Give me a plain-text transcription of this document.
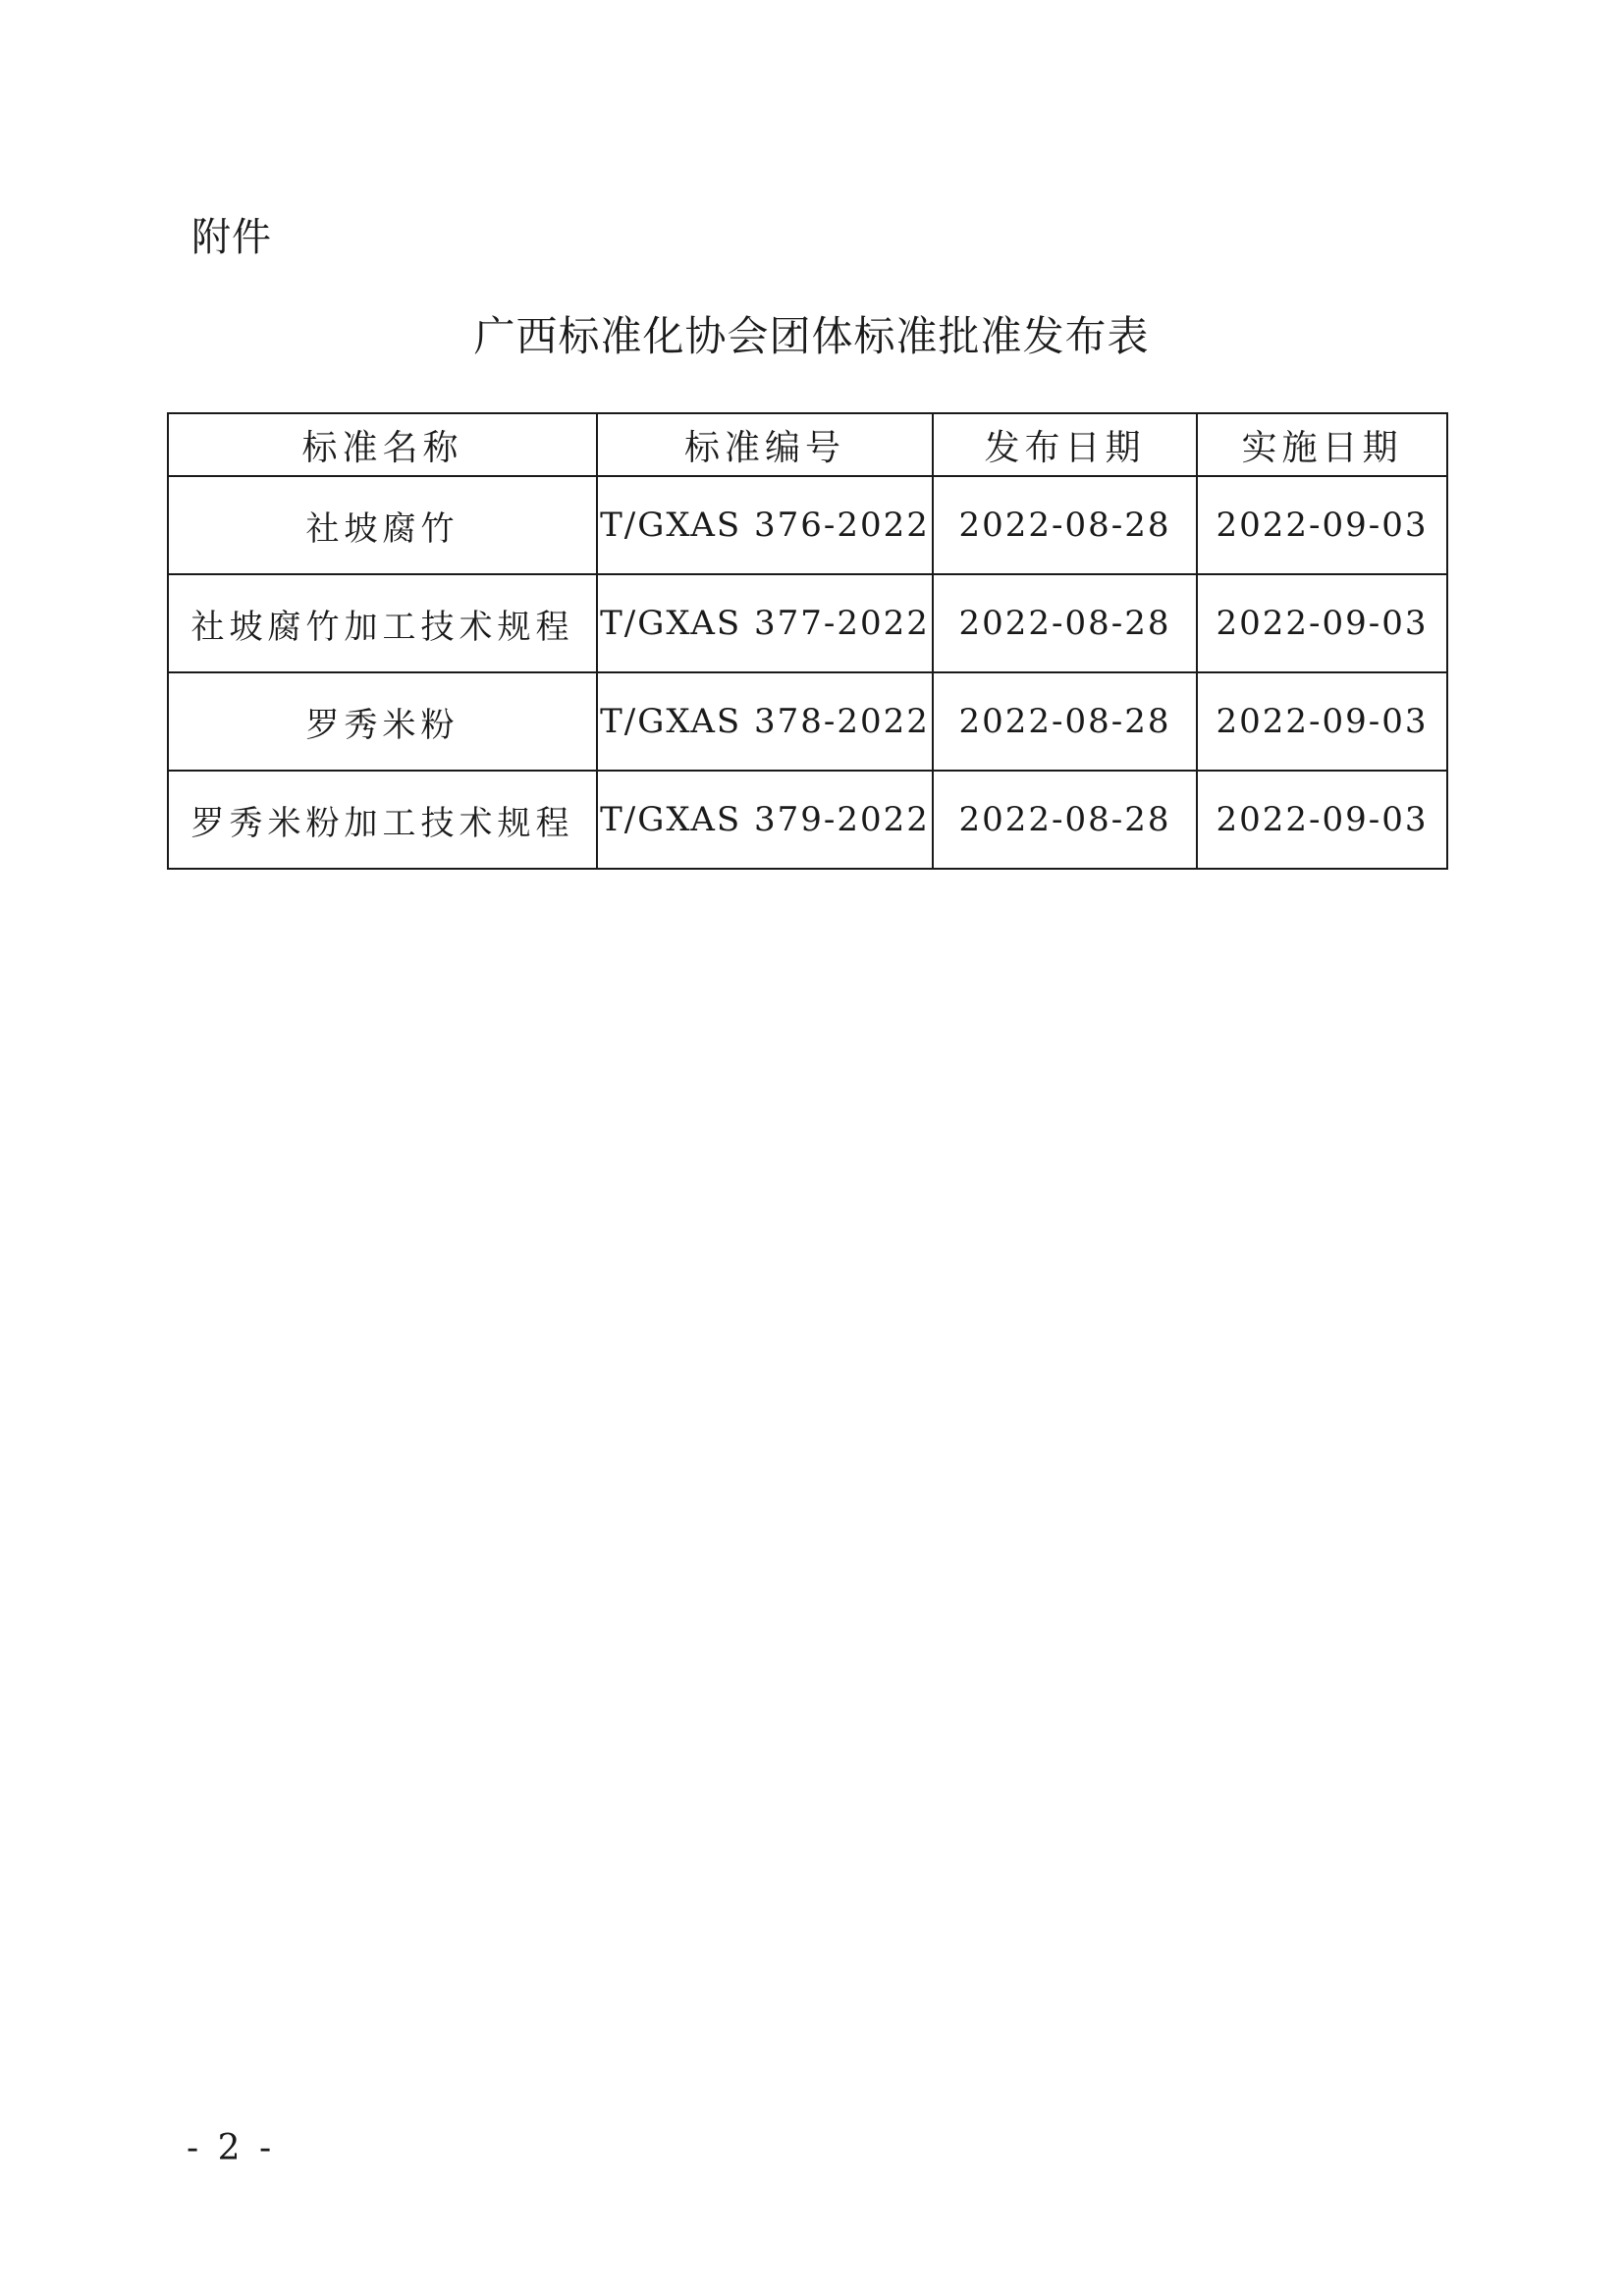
附件
广西标准化协会团体标准批准发布表
标准名称	标准编号	发布日期	实施日期
社坡腐竹	T/GXAS 376-2022	2022-08-28	2022-09-03
社坡腐竹加工技术规程	T/GXAS 377-2022	2022-08-28	2022-09-03
罗秀米粉	T/GXAS 378-2022	2022-08-28	2022-09-03
罗秀米粉加工技术规程	T/GXAS 379-2022	2022-08-28	2022-09-03
- 2 -
